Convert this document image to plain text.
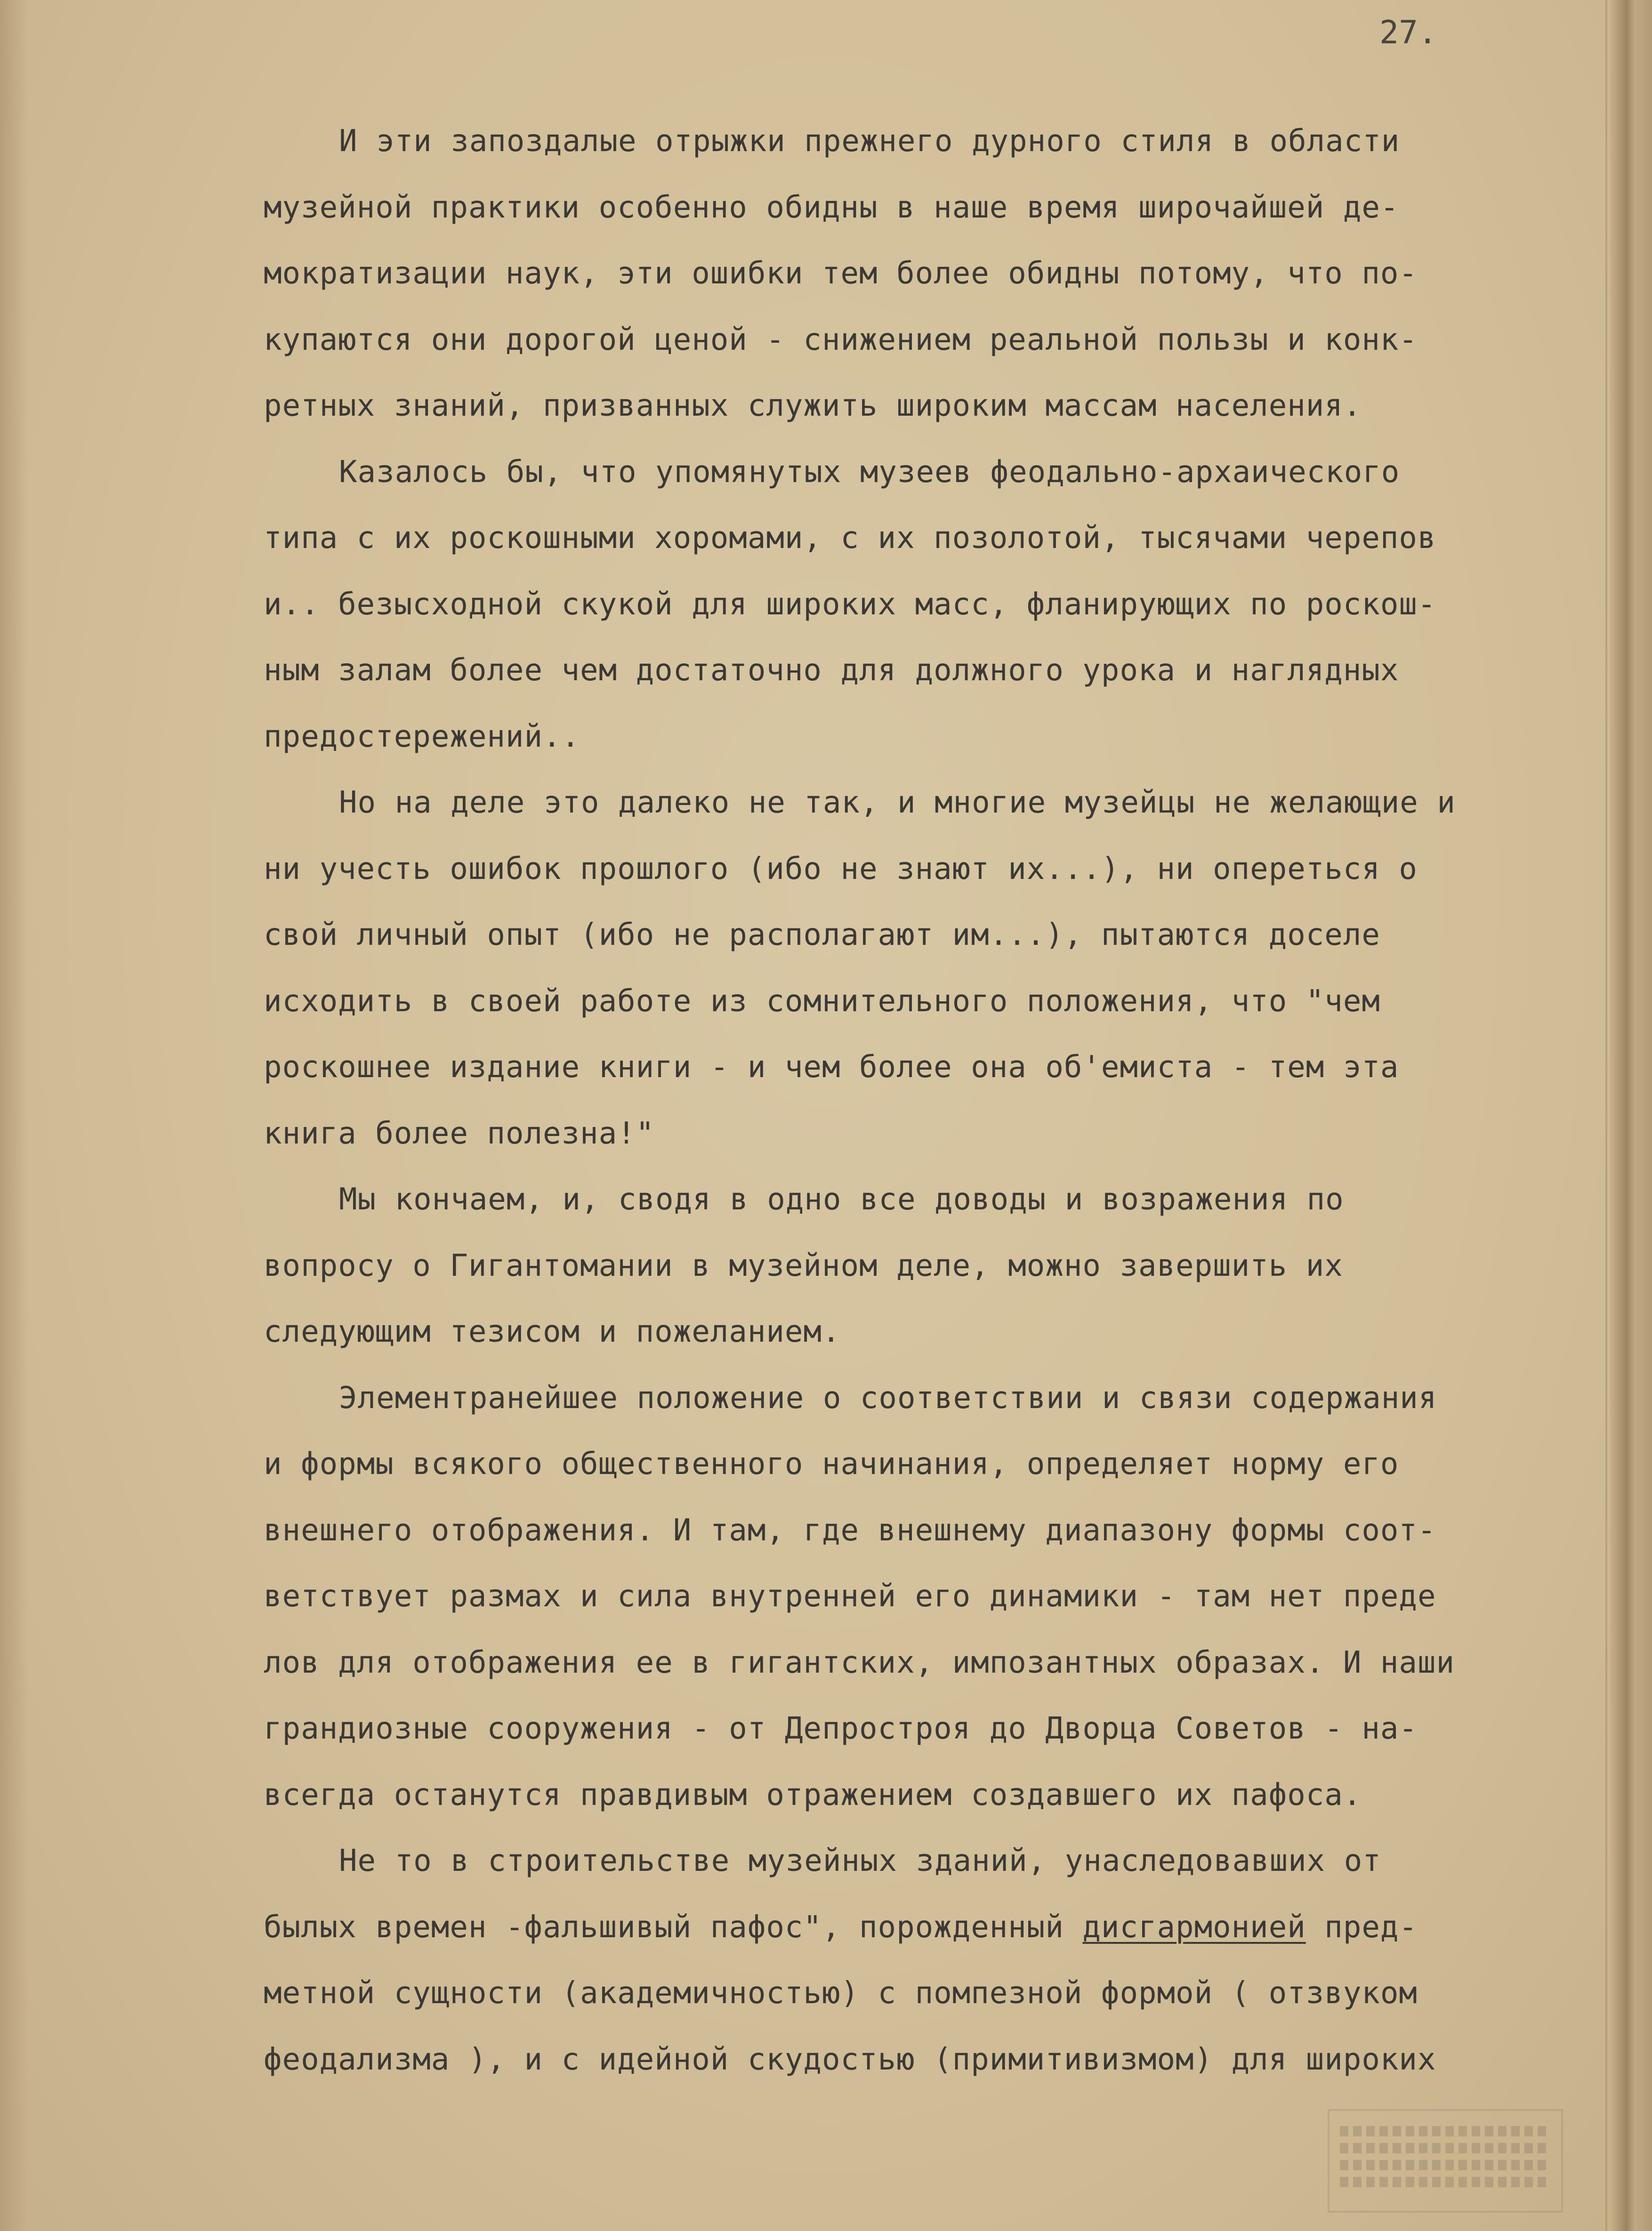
27.
И эти запоздалые отрыжки прежнего дурного стиля в области
музейной практики особенно обидны в наше время широчайшей де-
мократизации наук, эти ошибки тем более обидны потому, что по-
купаются они дорогой ценой - снижением реальной пользы и конк-
ретных знаний, призванных служить широким массам населения.
Казалось бы, что упомянутых музеев феодально-архаического
типа с их роскошными хоромами, с их позолотой, тысячами черепов
и.. безысходной скукой для широких масс, фланирующих по роскош-
ным залам более чем достаточно для должного урока и наглядных
предостережений..
Но на деле это далеко не так, и многие музейцы не желающие и
ни учесть ошибок прошлого (ибо не знают их...), ни опереться о
свой личный опыт (ибо не располагают им...), пытаются доселе
исходить в своей работе из сомнительного положения, что "чем
роскошнее издание книги - и чем более она об'емиста - тем эта
книга более полезна!"
Мы кончаем, и, сводя в одно все доводы и возражения по
вопросу о Гигантомании в музейном деле, можно завершить их
следующим тезисом и пожеланием.
Элементранейшее положение о соответствии и связи содержания
и формы всякого общественного начинания, определяет норму его
внешнего отображения. И там, где внешнему диапазону формы соот-
ветствует размах и сила внутренней его динамики - там нет преде
лов для отображения ее в гигантских, импозантных образах. И наши
грандиозные сооружения - от Депростроя до Дворца Советов - на-
всегда останутся правдивым отражением создавшего их пафоса.
Не то в строительстве музейных зданий, унаследовавших от
былых времен -фальшивый пафос", порожденный дисгармонией пред-
метной сущности (академичностью) с помпезной формой ( отзвуком
феодализма ), и с идейной скудостью (примитивизмом) для широких
